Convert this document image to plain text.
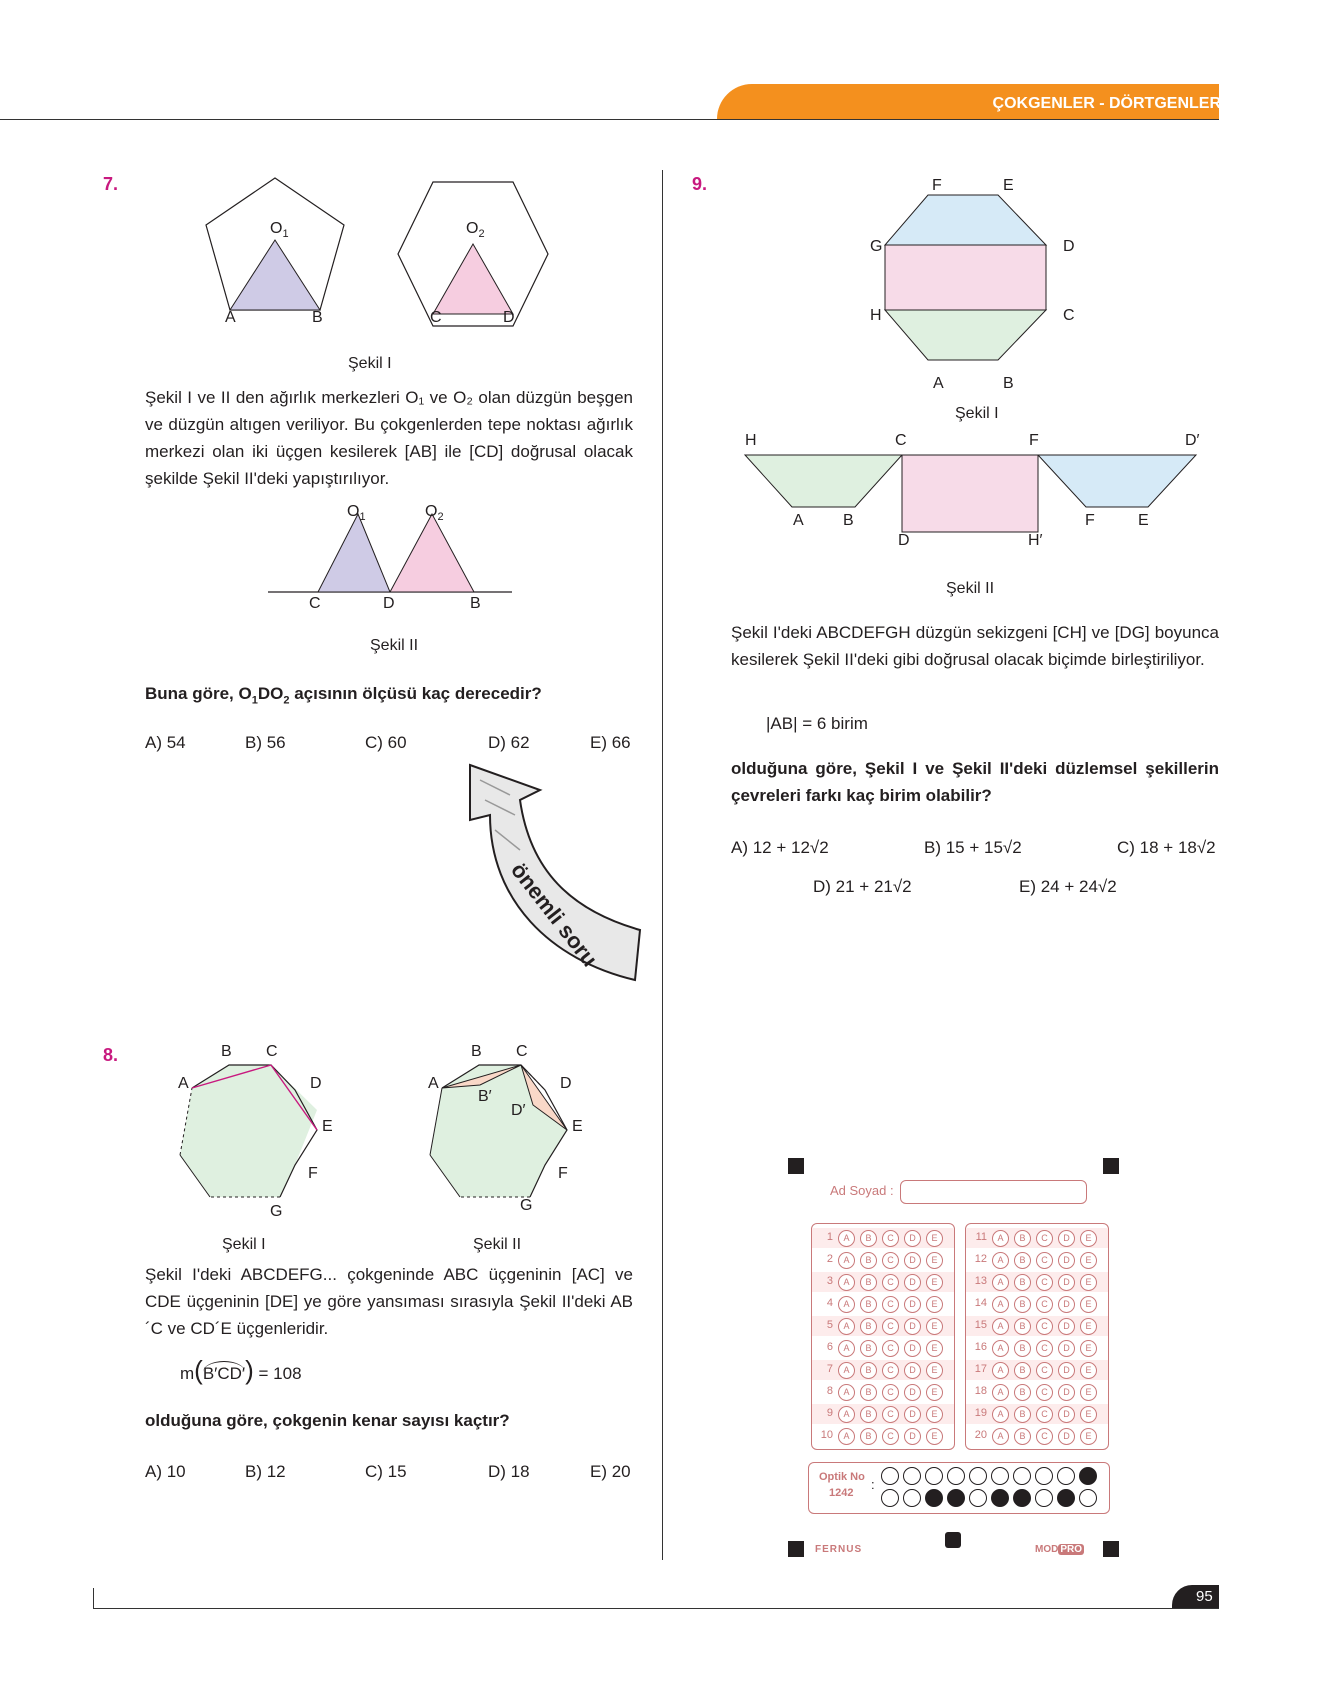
ÇOKGENLER - DÖRTGENLER
7.
$O_1$	$O_2$
A	B	C	D
Şekil I
Şekil I ve II den ağırlık merkezleri O₁ ve O₂ olan düzgün beşgen ve düzgün altıgen veriliyor. Bu çokgenlerden tepe noktası ağırlık merkezi olan iki üçgen kesilerek [AB] ile [CD] doğrusal olacak şekilde Şekil II'deki yapıştırılıyor.
$O_1$	$O_2$
C	D	B
Şekil II
Buna göre, $O_1DO_2$ açısının ölçüsü kaç derecedir?
A) 54	B) 56	C) 60	D) 62	E) 66
önemli soru
8.
A
B C
D
E
F
G
A
B C
D
E
F
G
B′
D′
Şekil I	Şekil II
Şekil I'deki ABCDEFG... çokgeninde ABC üçgeninin [AC] ve CDE üçgeninin [DE] ye göre yansıması sırasıyla Şekil II'deki AB´C ve CD´E üçgenleridir.
m(B′CD′) = 108
olduğuna göre, çokgenin kenar sayısı kaçtır?
A) 10	B) 12	C) 15	D) 18	E) 20
9.	F	E
G	D
H	C
A	B
Şekil I
H	C	F	D′
A B
D	H′
F	E
Şekil II
Şekil I'deki ABCDEFGH düzgün sekizgeni [CH] ve [DG] boyunca kesilerek Şekil II'deki gibi doğrusal olacak biçimde birleştiriliyor.
|AB| = 6 birim
olduğuna göre, Şekil I ve Şekil II'deki düzlemsel şekillerin çevreleri farkı kaç birim olabilir?
A) 12 + 12√2	B) 15 + 15√2	C) 18 + 18√2
D) 21 + 21√2	E) 24 + 24√2
Ad Soyad :
1	A	B	C	D	E
2	A	B	C	D	E
3	A	B	C	D	E
4	A	B	C	D	E
5	A	B	C	D	E
6	A	B	C	D	E
7	A	B	C	D	E
8	A	B	C	D	E
9	A	B	C	D	E
10	A	B	C	D	E
11	A	B	C	D	E
12	A	B	C	D	E
13	A	B	C	D	E
14	A	B	C	D	E
15	A	B	C	D	E
16	A	B	C	D	E
17	A	B	C	D	E
18	A	B	C	D	E
19	A	B	C	D	E
20	A	B	C	D	E
Optik No
1242
:
FERNUS	MOD PRO
95
